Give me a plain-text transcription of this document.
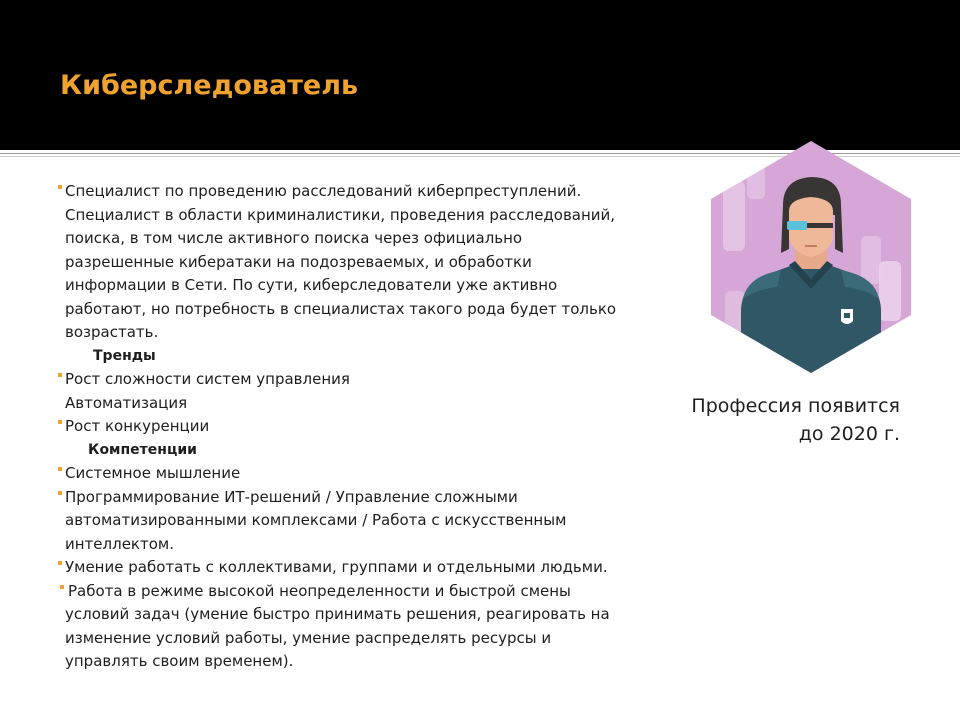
Киберследователь
Специалист по проведению расследований киберпреступлений.
Специалист в области криминалистики, проведения расследований,
поиска, в том числе активного поиска через официально
разрешенные кибератаки на подозреваемых, и обработки
информации в Сети. По сути, киберследователи уже активно
работают, но потребность в специалистах такого рода будет только
возрастать.
Тренды
Рост сложности систем управления
Автоматизация
Рост конкуренции
Компетенции
Системное мышление
Программирование ИТ-решений / Управление сложными
автоматизированными комплексами / Работа с искусственным
интеллектом.
Умение работать с коллективами, группами и отдельными людьми.
Работа в режиме высокой неопределенности и быстрой смены
условий задач (умение быстро принимать решения, реагировать на
изменение условий работы, умение распределять ресурсы и
управлять своим временем).
Профессия появится
до 2020 г.
